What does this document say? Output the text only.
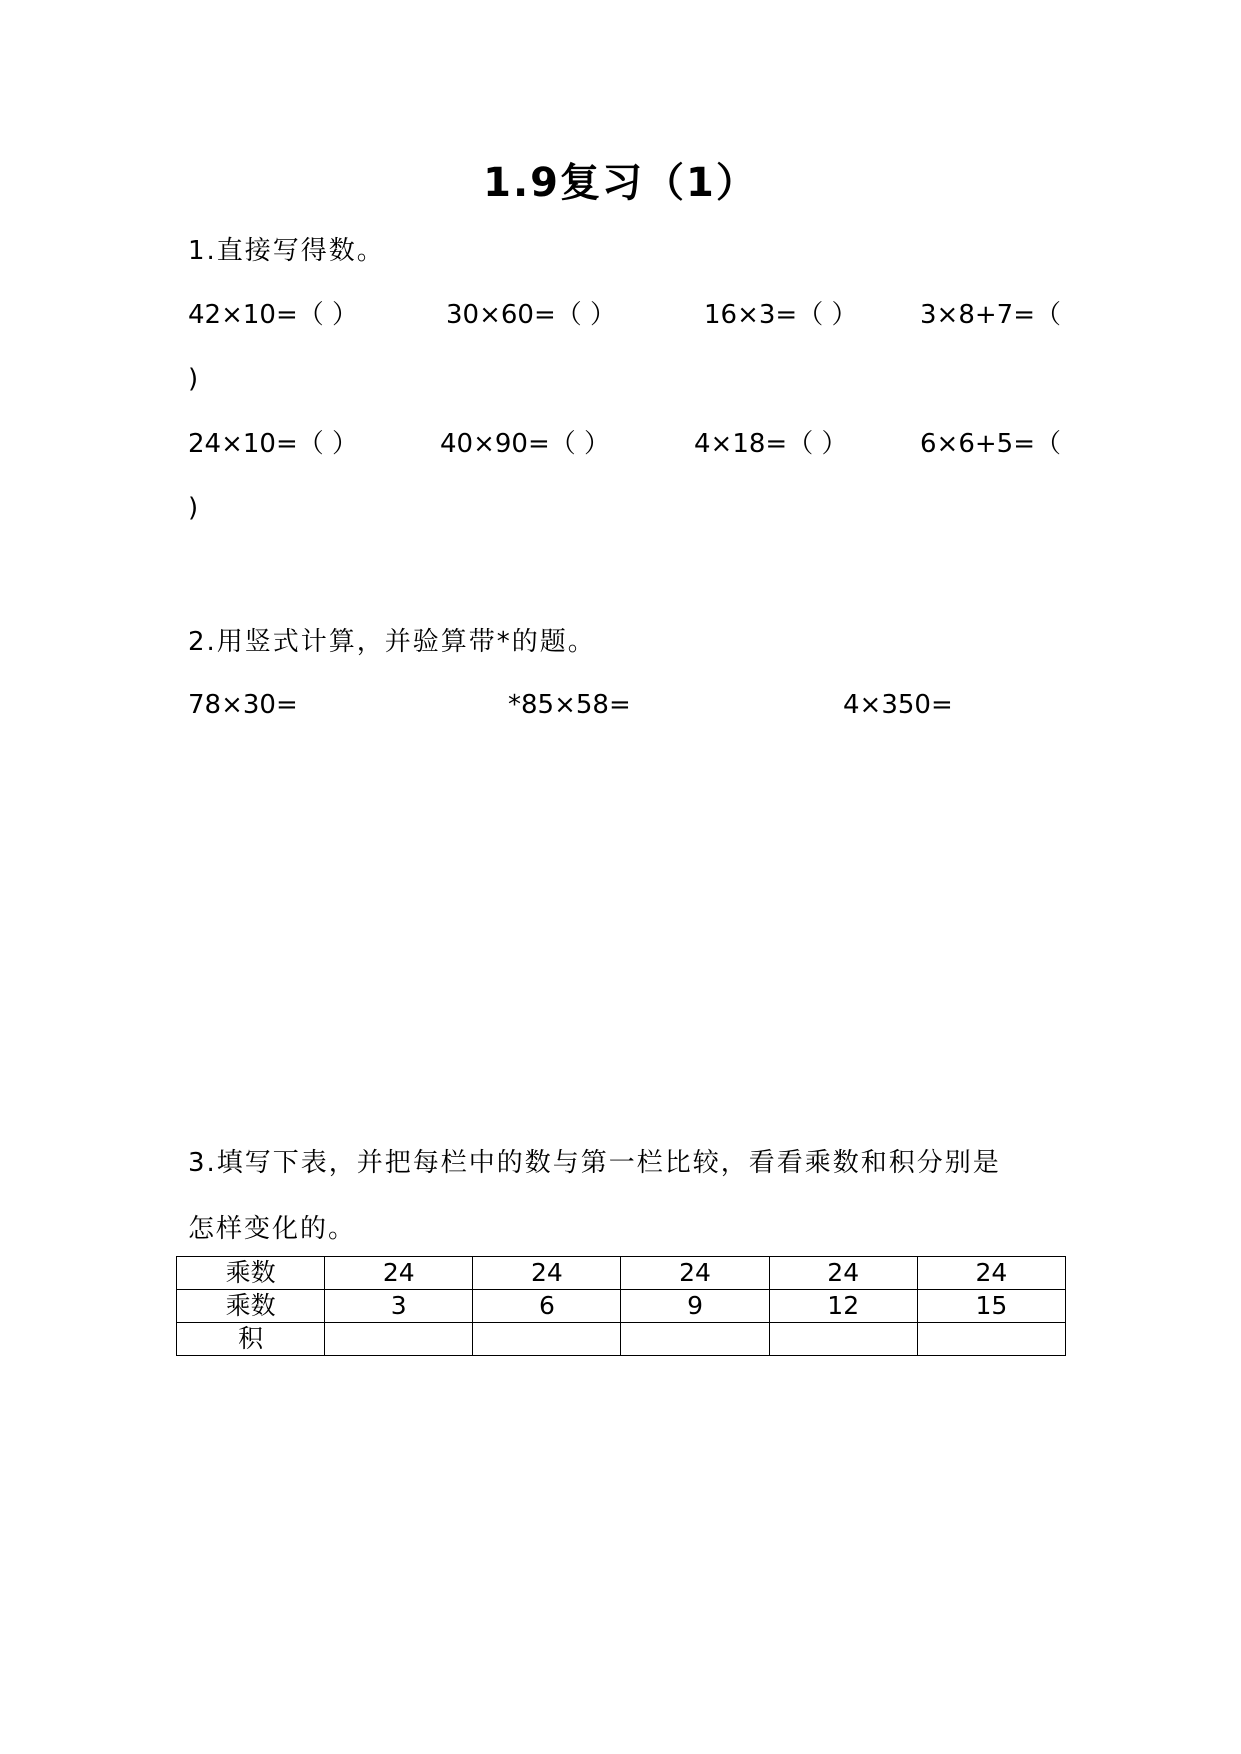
1.9复习（1）
1.直接写得数。
42×10=（ ）	30×60=（ ）	16×3=（ ） 3×8+7=（
)
24×10=（ ）	40×90=（ ）	4×18=（ ）	6×6+5=（
)
2.用竖式计算，并验算带*的题。
78×30=	*85×58=	4×350=
3.填写下表，并把每栏中的数与第一栏比较，看看乘数和积分别是
怎样变化的。
乘数	24	24	24	24	24
乘数	3	6	9	12	15
积					
